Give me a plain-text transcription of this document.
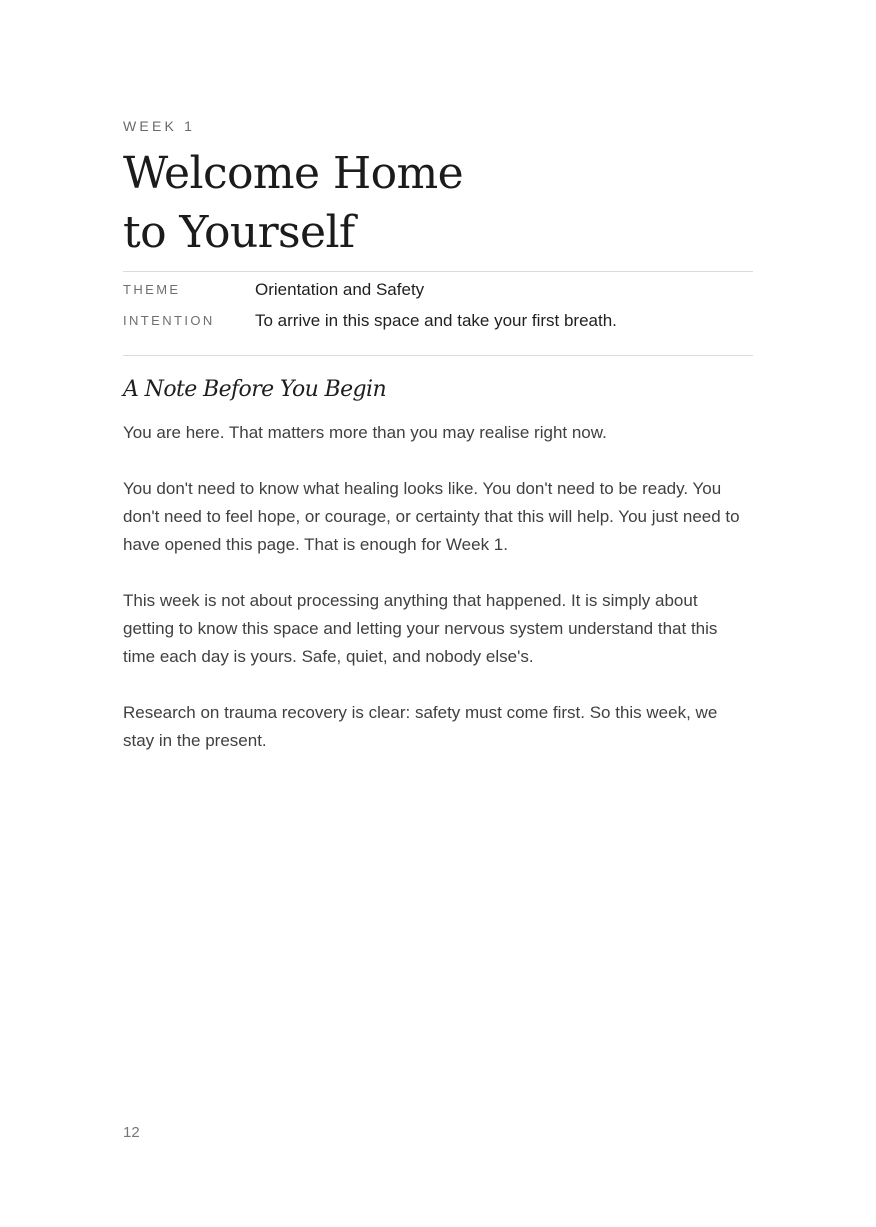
WEEK 1

Welcome Home
to Yourself
THEME	Orientation and Safety
INTENTION	To arrive in this space and take your first breath.
A Note Before You Begin

You are here. That matters more than you may realise right now.

You don't need to know what healing looks like. You don't need to be ready. You don't need to feel hope, or courage, or certainty that this will help. You just need to have opened this page. That is enough for Week 1.

This week is not about processing anything that happened. It is simply about getting to know this space and letting your nervous system understand that this time each day is yours. Safe, quiet, and nobody else's.

Research on trauma recovery is clear: safety must come first. So this week, we stay in the present.

12
